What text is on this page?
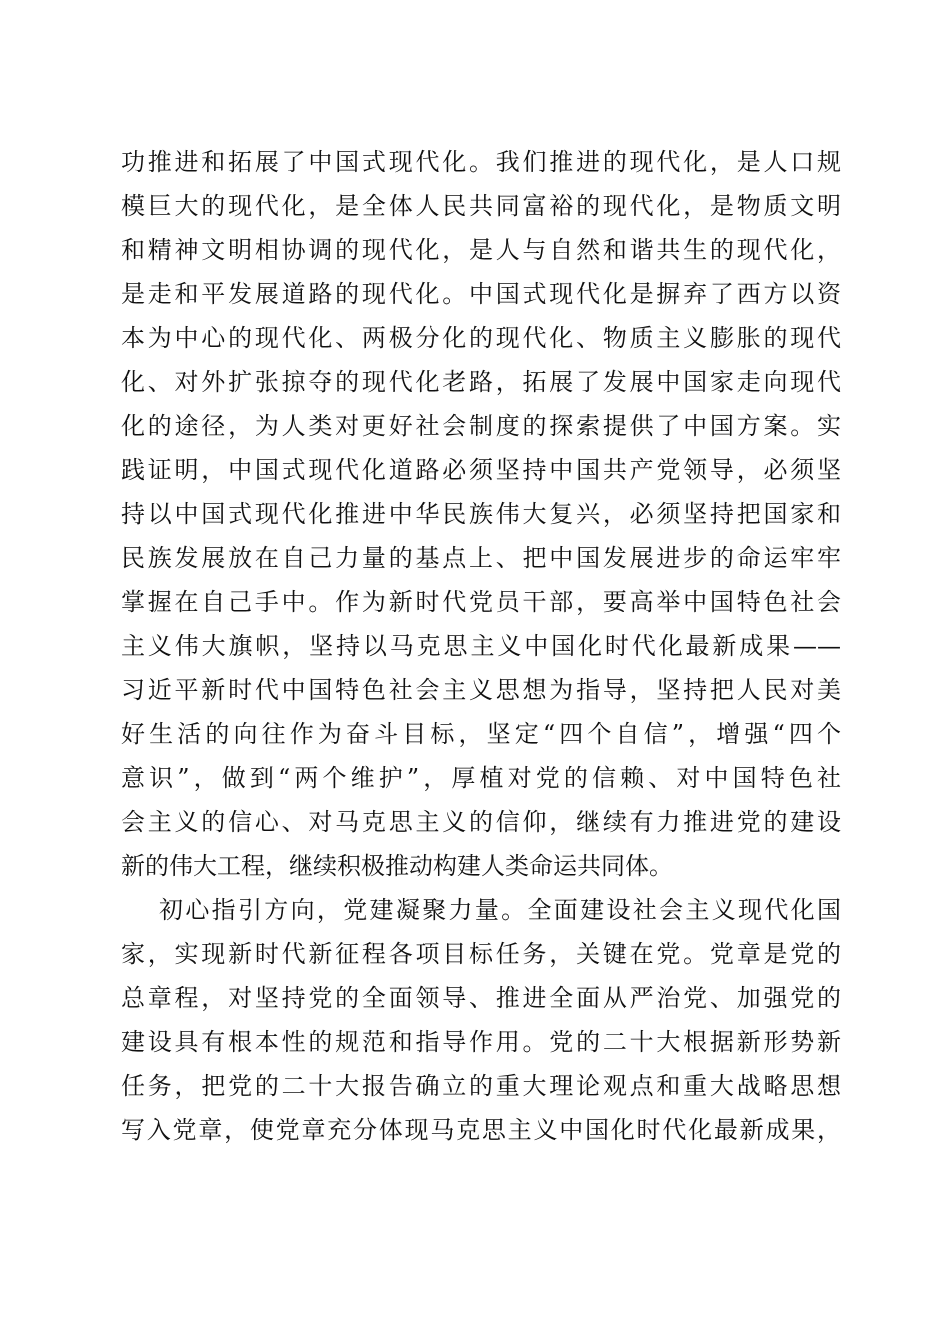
功推进和拓展了中国式现代化。我们推进的现代化，是人口规
模巨大的现代化，是全体人民共同富裕的现代化，是物质文明
和精神文明相协调的现代化，是人与自然和谐共生的现代化，
是走和平发展道路的现代化。中国式现代化是摒弃了西方以资
本为中心的现代化、两极分化的现代化、物质主义膨胀的现代
化、对外扩张掠夺的现代化老路，拓展了发展中国家走向现代
化的途径，为人类对更好社会制度的探索提供了中国方案。实
践证明，中国式现代化道路必须坚持中国共产党领导，必须坚
持以中国式现代化推进中华民族伟大复兴，必须坚持把国家和
民族发展放在自己力量的基点上、把中国发展进步的命运牢牢
掌握在自己手中。作为新时代党员干部，要高举中国特色社会
主义伟大旗帜，坚持以马克思主义中国化时代化最新成果——
习近平新时代中国特色社会主义思想为指导，坚持把人民对美
好生活的向往作为奋斗目标，坚定“四个自信”，增强“四个
意识”，做到“两个维护”，厚植对党的信赖、对中国特色社
会主义的信心、对马克思主义的信仰，继续有力推进党的建设
新的伟大工程，继续积极推动构建人类命运共同体。
初心指引方向，党建凝聚力量。全面建设社会主义现代化国
家，实现新时代新征程各项目标任务，关键在党。党章是党的
总章程，对坚持党的全面领导、推进全面从严治党、加强党的
建设具有根本性的规范和指导作用。党的二十大根据新形势新
任务，把党的二十大报告确立的重大理论观点和重大战略思想
写入党章，使党章充分体现马克思主义中国化时代化最新成果，
